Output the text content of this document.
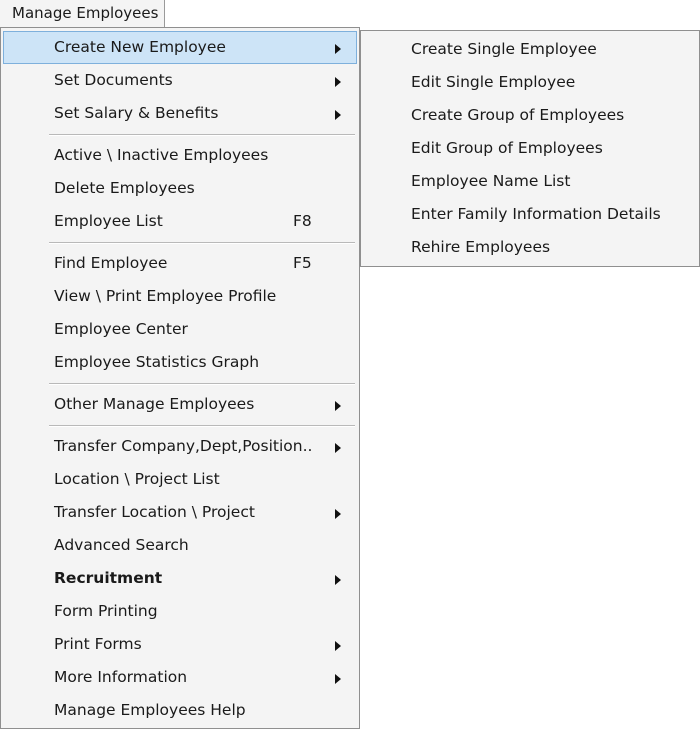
Manage Employees
Create New Employee
Set Documents
Set Salary & Benefits
Active \ Inactive Employees
Delete Employees
Employee List	F8
Find Employee	F5
View \ Print Employee Profile
Employee Center
Employee Statistics Graph
Other Manage Employees
Transfer Company,Dept,Position..
Location \ Project List
Transfer Location \ Project
Advanced Search
Recruitment
Form Printing
Print Forms
More Information
Manage Employees Help
Create Single Employee
Edit Single Employee
Create Group of Employees
Edit Group of Employees
Employee Name List
Enter Family Information Details
Rehire Employees
